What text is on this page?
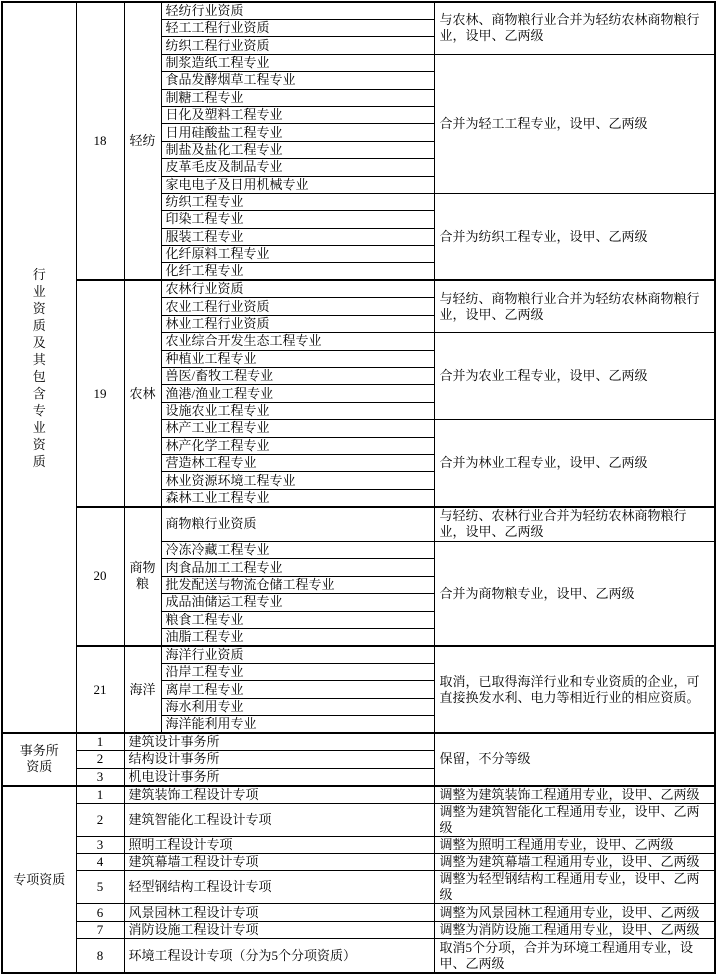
行业资质及其包含专业资质	18	轻纺	轻纺行业资质	与农林、商物粮行业合并为轻纺农林商物粮行业，设甲、乙两级
			轻工工程行业资质	
			纺织工程行业资质	
			制浆造纸工程专业	合并为轻工工程专业，设甲、乙两级
			食品发酵烟草工程专业	
			制糖工程专业	
			日化及塑料工程专业	
			日用硅酸盐工程专业	
			制盐及盐化工程专业	
			皮革毛皮及制品专业	
			家电电子及日用机械专业	
			纺织工程专业	合并为纺织工程专业，设甲、乙两级
			印染工程专业	
			服装工程专业	
			化纤原料工程专业	
			化纤工程专业	
	19	农林	农林行业资质	与轻纺、商物粮行业合并为轻纺农林商物粮行业，设甲、乙两级
			农业工程行业资质	
			林业工程行业资质	
			农业综合开发生态工程专业	合并为农业工程专业，设甲、乙两级
			种植业工程专业	
			兽医/畜牧工程专业	
			渔港/渔业工程专业	
			设施农业工程专业	
			林产工业工程专业	合并为林业工程专业，设甲、乙两级
			林产化学工程专业	
			营造林工程专业	
			林业资源环境工程专业	
			森林工业工程专业	
	20	商物粮	商物粮行业资质	与轻纺、农林行业合并为轻纺农林商物粮行业，设甲、乙两级
			冷冻冷藏工程专业	合并为商物粮专业，设甲、乙两级
			肉食品加工工程专业	
			批发配送与物流仓储工程专业	
			成品油储运工程专业	
			粮食工程专业	
			油脂工程专业	
	21	海洋	海洋行业资质	取消，已取得海洋行业和专业资质的企业，可直接换发水利、电力等相近行业的相应资质。
			沿岸工程专业	
			离岸工程专业	
			海水利用专业	
			海洋能利用专业	

事务所资质	1	建筑设计事务所		保留，不分等级
	2	结构设计事务所		
	3	机电设计事务所		

专项资质	1	建筑装饰工程设计专项		调整为建筑装饰工程通用专业，设甲、乙两级
	2	建筑智能化工程设计专项		调整为建筑智能化工程通用专业，设甲、乙两级
	3	照明工程设计专项		调整为照明工程通用专业，设甲、乙两级
	4	建筑幕墙工程设计专项		调整为建筑幕墙工程通用专业，设甲、乙两级
	5	轻型钢结构工程设计专项		调整为轻型钢结构工程通用专业，设甲、乙两级
	6	风景园林工程设计专项		调整为风景园林工程通用专业，设甲、乙两级
	7	消防设施工程设计专项		调整为消防设施工程通用专业，设甲、乙两级
	8	环境工程设计专项（分为5个分项资质）		取消5个分项，合并为环境工程通用专业，设甲、乙两级
